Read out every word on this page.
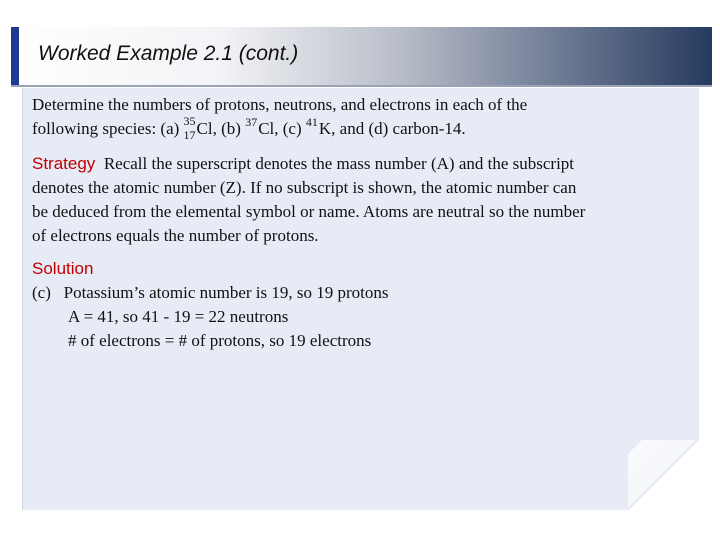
Worked Example 2.1 (cont.)
Determine the numbers of protons, neutrons, and electrons in each of the
following species: (a) 35
17 Cl, (b) 37 Cl, (c) 41 K, and (d) carbon-14.
Strategy Recall the superscript denotes the mass number (A) and the subscript
denotes the atomic number (Z). If no subscript is shown, the atomic number can
be deduced from the elemental symbol or name. Atoms are neutral so the number
of electrons equals the number of protons.
Solution
(c) Potassium’s atomic number is 19, so 19 protons
A = 41, so 41 - 19 = 22 neutrons
# of electrons = # of protons, so 19 electrons
